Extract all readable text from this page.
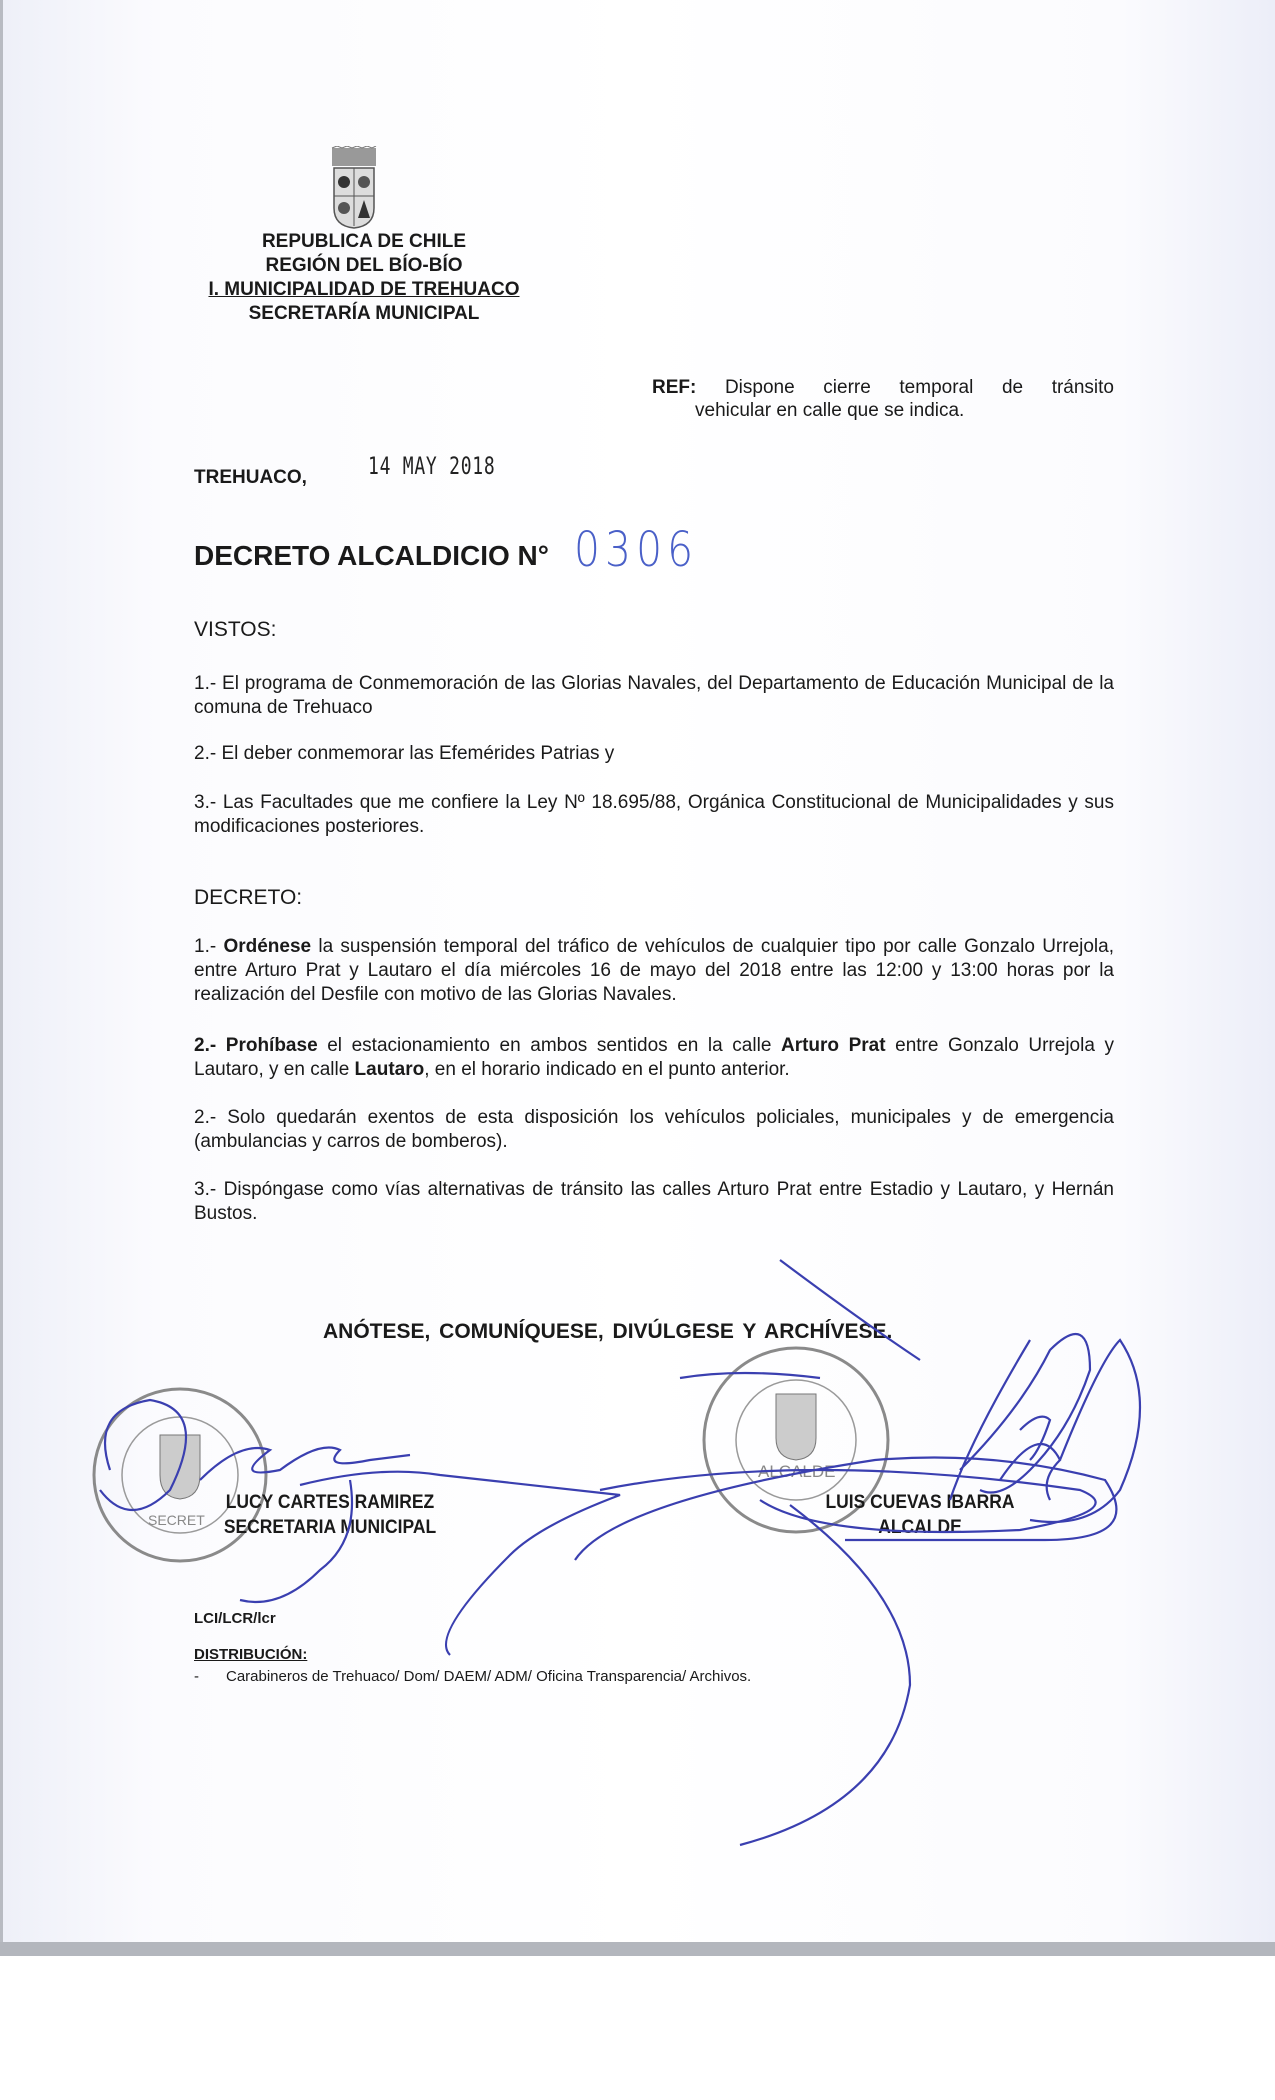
REPUBLICA DE CHILE
REGIÓN DEL BÍO-BÍO
I. MUNICIPALIDAD DE TREHUACO
SECRETARÍA MUNICIPAL
REF: Dispone cierre temporal de tránsito
vehicular en calle que se indica.
TREHUACO,	14 MAY 2018
DECRETO ALCALDICIO N° 0306
VISTOS:
1.- El programa de Conmemoración de las Glorias Navales, del Departamento de Educación Municipal de la comuna de Trehuaco
2.- El deber conmemorar las Efemérides Patrias y
3.- Las Facultades que me confiere la Ley Nº 18.695/88, Orgánica Constitucional de Municipalidades y sus modificaciones posteriores.
DECRETO:
1.- Ordénese la suspensión temporal del tráfico de vehículos de cualquier tipo por calle Gonzalo Urrejola, entre Arturo Prat y Lautaro el día miércoles 16 de mayo del 2018 entre las 12:00 y 13:00 horas por la realización del Desfile con motivo de las Glorias Navales.
2.- Prohíbase el estacionamiento en ambos sentidos en la calle Arturo Prat entre Gonzalo Urrejola y Lautaro, y en calle Lautaro, en el horario indicado en el punto anterior.
2.- Solo quedarán exentos de esta disposición los vehículos policiales, municipales y de emergencia (ambulancias y carros de bomberos).
3.- Dispóngase como vías alternativas de tránsito las calles Arturo Prat entre Estadio y Lautaro, y Hernán Bustos.
ANÓTESE, COMUNÍQUESE, DIVÚLGESE Y ARCHÍVESE.
SECRET
ALCALDE
LUCY CARTES RAMIREZ
SECRETARIA MUNICIPAL
LUIS CUEVAS IBARRA
ALCALDE
LCI/LCR/lcr
DISTRIBUCIÓN:
- Carabineros de Trehuaco/ Dom/ DAEM/ ADM/ Oficina Transparencia/ Archivos.
